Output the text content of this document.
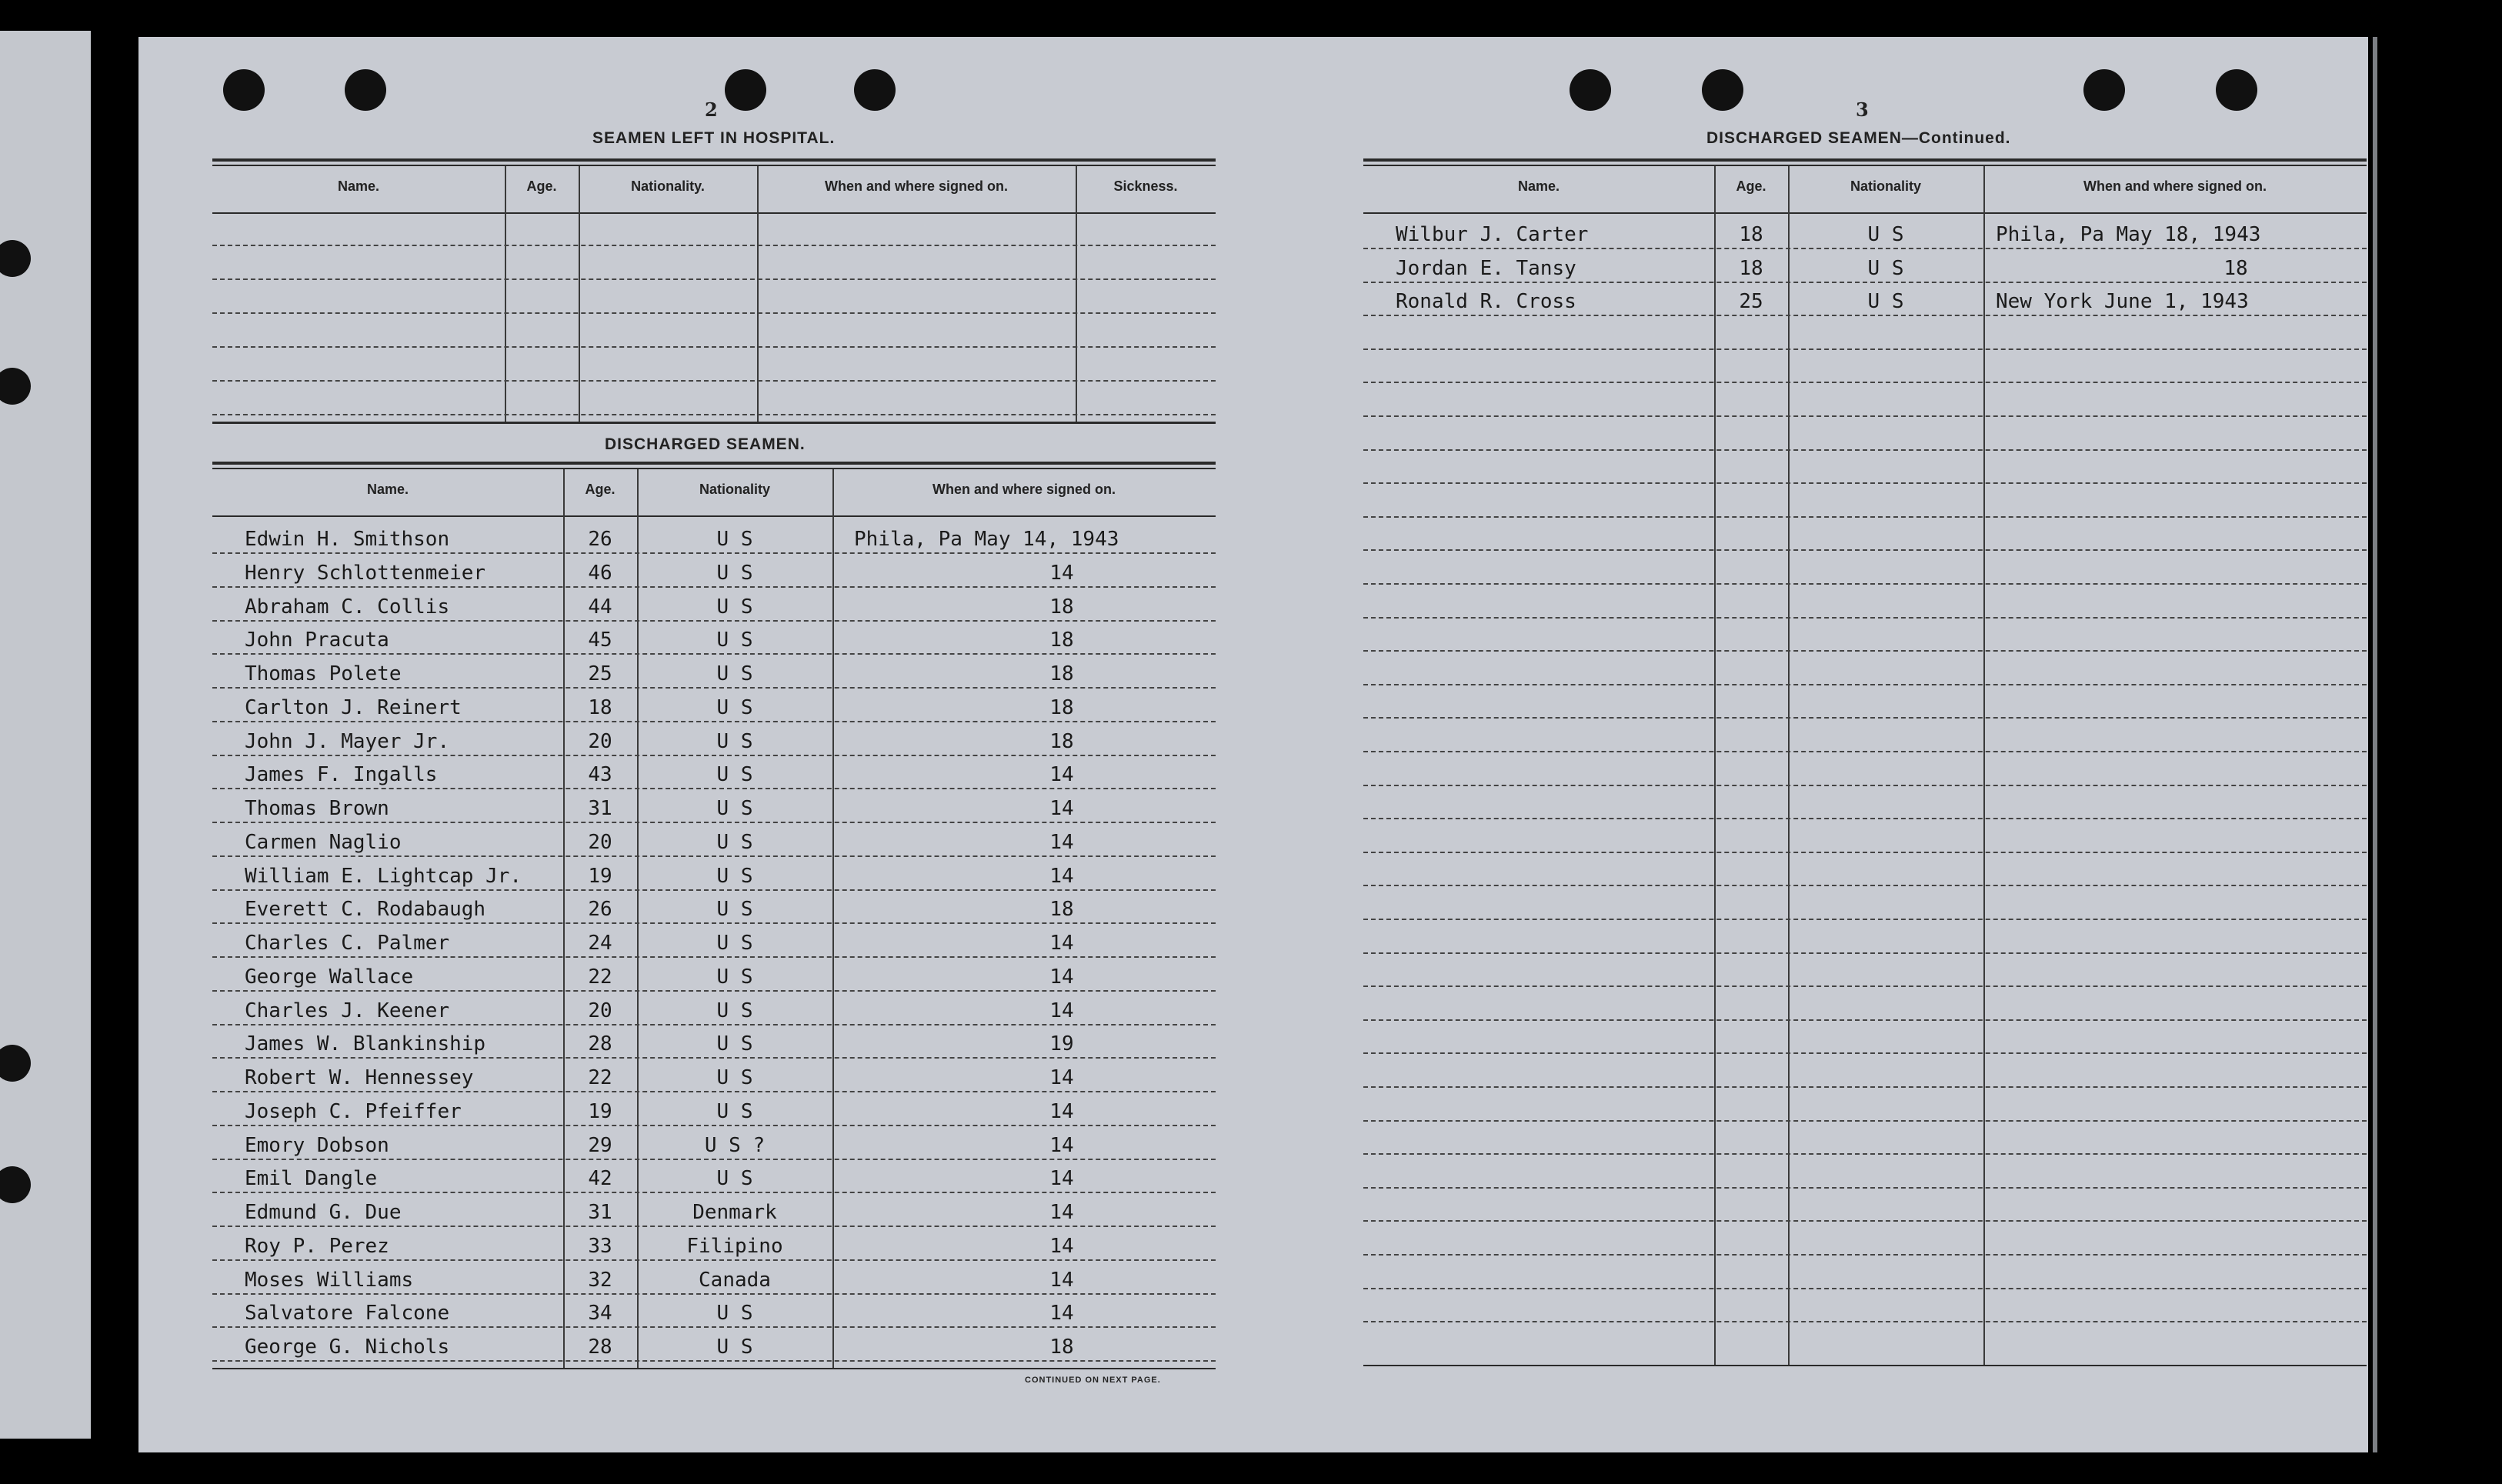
2
SEAMEN LEFT IN HOSPITAL.
Name.	Age.	Nationality.	When and where signed on.	Sickness.
DISCHARGED SEAMEN.
Name.	Age.	Nationality	When and where signed on.
Edwin H. Smithson	26	U S	Phila, Pa May 14, 1943
Henry Schlottenmeier	46	U S	14
Abraham C. Collis	44	U S	18
John Pracuta	45	U S	18
Thomas Polete	25	U S	18
Carlton J. Reinert	18	U S	18
John J. Mayer Jr.	20	U S	18
James F. Ingalls	43	U S	14
Thomas Brown	31	U S	14
Carmen Naglio	20	U S	14
William E. Lightcap Jr.	19	U S	14
Everett C. Rodabaugh	26	U S	18
Charles C. Palmer	24	U S	14
George Wallace	22	U S	14
Charles J. Keener	20	U S	14
James W. Blankinship	28	U S	19
Robert W. Hennessey	22	U S	14
Joseph C. Pfeiffer	19	U S	14
Emory Dobson	29	U S ?	14
Emil Dangle	42	U S	14
Edmund G. Due	31	Denmark	14
Roy P. Perez	33	Filipino	14
Moses Williams	32	Canada	14
Salvatore Falcone	34	U S	14
George G. Nichols	28	U S	18
CONTINUED ON NEXT PAGE.
3
DISCHARGED SEAMEN—Continued.
Name.	Age.	Nationality	When and where signed on.
Wilbur J. Carter	18	U S	Phila, Pa May 18, 1943
Jordan E. Tansy	18	U S	18
Ronald R. Cross	25	U S	New York June 1, 1943
